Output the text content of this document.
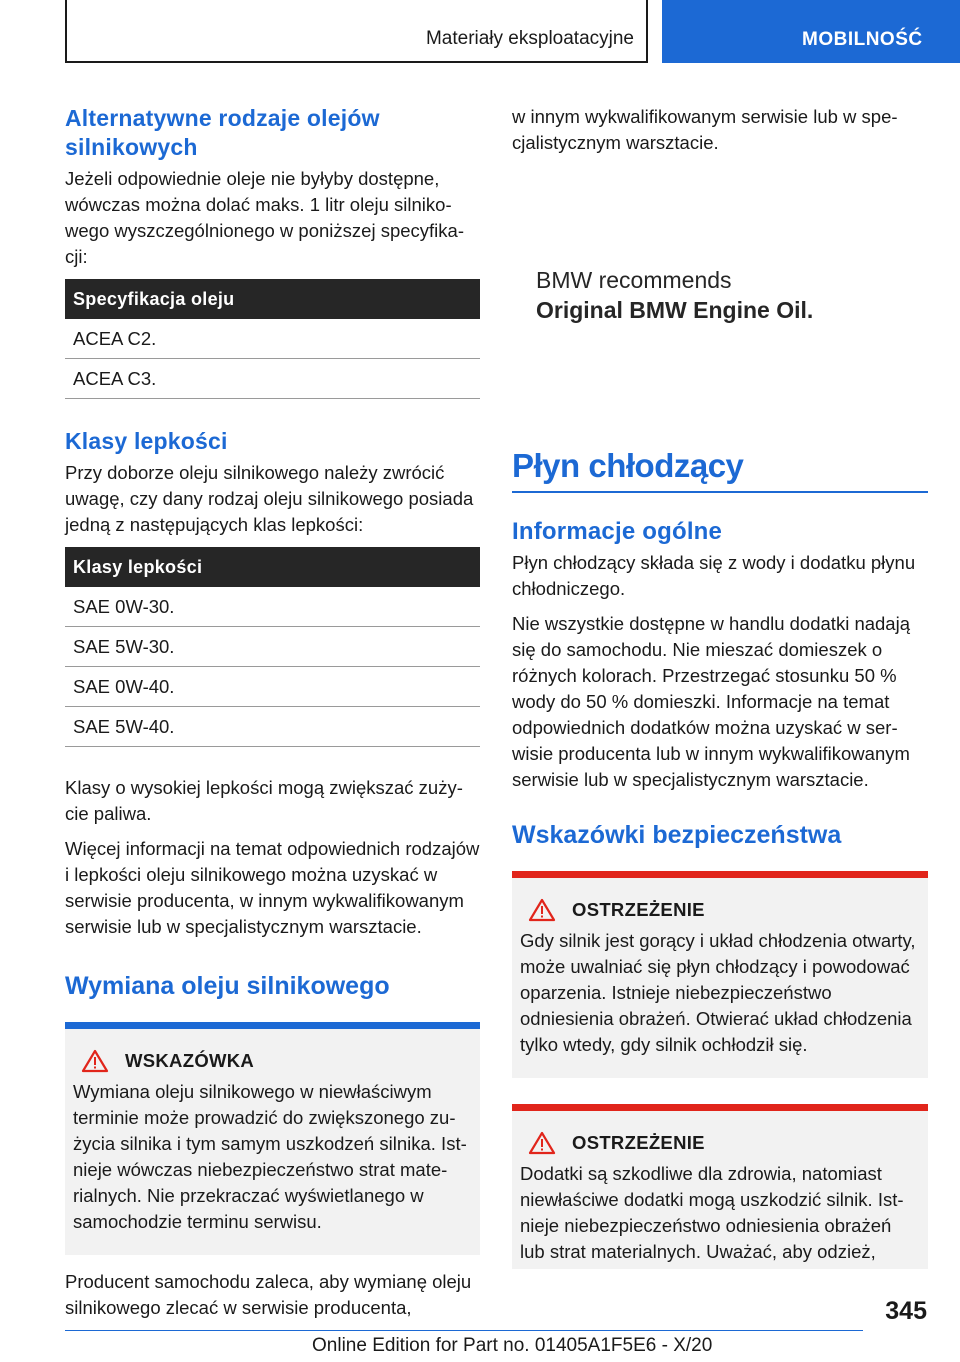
Materiały eksploatacyjne	MOBILNOŚĆ
Alternatywne rodzaje olejów silnikowych

Jeżeli odpowiednie oleje nie byłyby dostępne, wówczas można dolać maks. 1 litr oleju silnikowego wyszczególnionego w poniższej specyfikacji:

Specyfikacja oleju
ACEA C2.
ACEA C3.
Klasy lepkości

Przy doborze oleju silnikowego należy zwrócić uwagę, czy dany rodzaj oleju silnikowego posiada jedną z następujących klas lepkości:

Klasy lepkości
SAE 0W-30.
SAE 5W-30.
SAE 0W-40.
SAE 5W-40.

Klasy o wysokiej lepkości mogą zwiększać zużycie paliwa.

Więcej informacji na temat odpowiednich rodzajów i lepkości oleju silnikowego można uzyskać w serwisie producenta, w innym wykwalifikowanym serwisie lub w specjalistycznym warsztacie.

Wymiana oleju silnikowego
WSKAZÓWKA

Wymiana oleju silnikowego w niewłaściwym terminie może prowadzić do zwiększonego zużycia silnika i tym samym uszkodzeń silnika. Istnieje wówczas niebezpieczeństwo strat materialnych. Nie przekraczać wyświetlanego w samochodzie terminu serwisu.

Producent samochodu zaleca, aby wymianę oleju silnikowego zlecać w serwisie producenta,

w innym wykwalifikowanym serwisie lub w specjalistycznym warsztacie.

BMW recommends
Original BMW Engine Oil.
Płyn chłodzący
Informacje ogólne

Płyn chłodzący składa się z wody i dodatku płynu chłodniczego.

Nie wszystkie dostępne w handlu dodatki nadają się do samochodu. Nie mieszać domieszek o różnych kolorach. Przestrzegać stosunku 50 % wody do 50 % domieszki. Informacje na temat odpowiednich dodatków można uzyskać w serwisie producenta lub w innym wykwalifikowanym serwisie lub w specjalistycznym warsztacie.

Wskazówki bezpieczeństwa
OSTRZEŻENIE

Gdy silnik jest gorący i układ chłodzenia otwarty, może uwalniać się płyn chłodzący i powodować oparzenia. Istnieje niebezpieczeństwo odniesienia obrażeń. Otwierać układ chłodzenia tylko wtedy, gdy silnik ochłodził się.

OSTRZEŻENIE

Dodatki są szkodliwe dla zdrowia, natomiast niewłaściwe dodatki mogą uszkodzić silnik. Istnieje niebezpieczeństwo odniesienia obrażeń lub strat materialnych. Uważać, aby odzież,

345
Online Edition for Part no. 01405A1F5E6 - X/20
